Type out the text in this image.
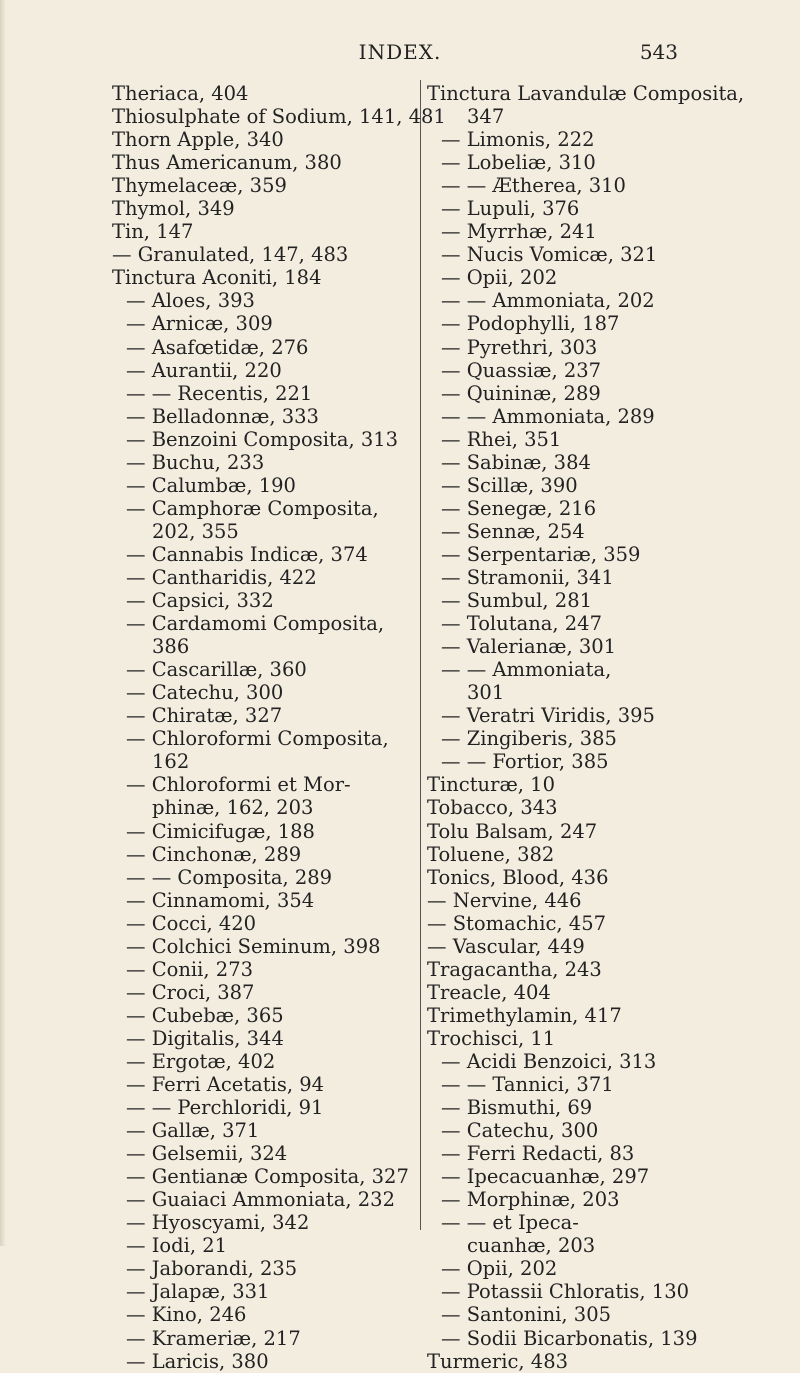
INDEX.	543
Theriaca, 404
Thiosulphate of Sodium, 141, 481
Thorn Apple, 340
Thus Americanum, 380
Thymelaceæ, 359
Thymol, 349
Tin, 147
— Granulated, 147, 483
Tinctura Aconiti, 184
— Aloes, 393
— Arnicæ, 309
— Asafœtidæ, 276
— Aurantii, 220
— — Recentis, 221
— Belladonnæ, 333
— Benzoini Composita, 313
— Buchu, 233
— Calumbæ, 190
— Camphoræ Composita,
202, 355
— Cannabis Indicæ, 374
— Cantharidis, 422
— Capsici, 332
— Cardamomi Composita,
386
— Cascarillæ, 360
— Catechu, 300
— Chiratæ, 327
— Chloroformi Composita,
162
— Chloroformi et Mor-
phinæ, 162, 203
— Cimicifugæ, 188
— Cinchonæ, 289
— — Composita, 289
— Cinnamomi, 354
— Cocci, 420
— Colchici Seminum, 398
— Conii, 273
— Croci, 387
— Cubebæ, 365
— Digitalis, 344
— Ergotæ, 402
— Ferri Acetatis, 94
— — Perchloridi, 91
— Gallæ, 371
— Gelsemii, 324
— Gentianæ Composita, 327
— Guaiaci Ammoniata, 232
— Hyoscyami, 342
— Iodi, 21
— Jaborandi, 235
— Jalapæ, 331
— Kino, 246
— Krameriæ, 217
— Laricis, 380
Tinctura Lavandulæ Composita,
347
— Limonis, 222
— Lobeliæ, 310
— — Ætherea, 310
— Lupuli, 376
— Myrrhæ, 241
— Nucis Vomicæ, 321
— Opii, 202
— — Ammoniata, 202
— Podophylli, 187
— Pyrethri, 303
— Quassiæ, 237
— Quininæ, 289
— — Ammoniata, 289
— Rhei, 351
— Sabinæ, 384
— Scillæ, 390
— Senegæ, 216
— Sennæ, 254
— Serpentariæ, 359
— Stramonii, 341
— Sumbul, 281
— Tolutana, 247
— Valerianæ, 301
— — Ammoniata,
301
— Veratri Viridis, 395
— Zingiberis, 385
— — Fortior, 385
Tincturæ, 10
Tobacco, 343
Tolu Balsam, 247
Toluene, 382
Tonics, Blood, 436
— Nervine, 446
— Stomachic, 457
— Vascular, 449
Tragacantha, 243
Treacle, 404
Trimethylamin, 417
Trochisci, 11
— Acidi Benzoici, 313
— — Tannici, 371
— Bismuthi, 69
— Catechu, 300
— Ferri Redacti, 83
— Ipecacuanhæ, 297
— Morphinæ, 203
— — et Ipeca-
cuanhæ, 203
— Opii, 202
— Potassii Chloratis, 130
— Santonini, 305
— Sodii Bicarbonatis, 139
Turmeric, 483
